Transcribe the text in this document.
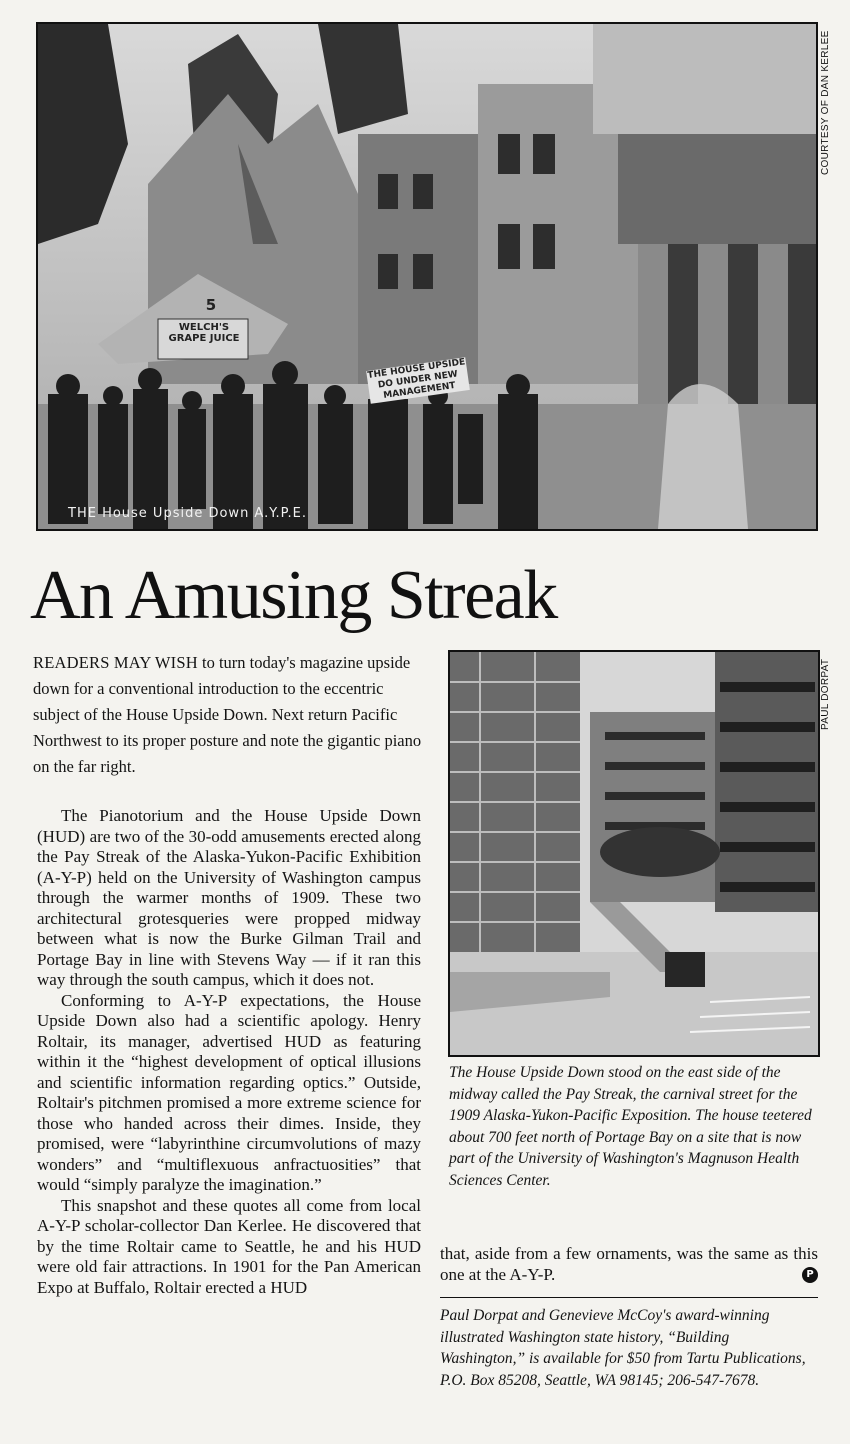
5
WELCH'S GRAPE JUICE
THE HOUSE UPSIDE DO UNDER NEW MANAGEMENT
THE House Upside Down A.Y.P.E.
COURTESY OF DAN KERLEE
An Amusing Streak

READERS MAY WISH to turn today's magazine upside down for a conventional introduction to the eccentric subject of the House Upside Down. Next return Pacific Northwest to its proper posture and note the gigantic piano on the far right.

The Pianotorium and the House Upside Down (HUD) are two of the 30-odd amusements erected along the Pay Streak of the Alaska-Yukon-Pacific Exhibition (A-Y-P) held on the University of Washington campus through the warmer months of 1909. These two architectural grotesqueries were propped midway between what is now the Burke Gilman Trail and Portage Bay in line with Stevens Way — if it ran this way through the south campus, which it does not.

Conforming to A-Y-P expectations, the House Upside Down also had a scientific apology. Henry Roltair, its manager, advertised HUD as featuring within it the “highest development of optical illusions and scientific information regarding optics.” Outside, Roltair's pitchmen promised a more extreme science for those who handed across their dimes. Inside, they promised, were “labyrinthine circumvolutions of mazy wonders” and “multiflexuous anfractuosities” that would “simply paralyze the imagination.”

This snapshot and these quotes all come from local A-Y-P scholar-collector Dan Kerlee. He discovered that by the time Roltair came to Seattle, he and his HUD were old fair attractions. In 1901 for the Pan American Expo at Buffalo, Roltair erected a HUD

PAUL DORPAT

The House Upside Down stood on the east side of the midway called the Pay Streak, the carnival street for the 1909 Alaska-Yukon-Pacific Exposition. The house teetered about 700 feet north of Portage Bay on a site that is now part of the University of Washington's Magnuson Health Sciences Center.

that, aside from a few ornaments, was the same as this one at the A-Y-P.	P

Paul Dorpat and Genevieve McCoy's award-winning illustrated Washington state history, “Building Washington,” is available for $50 from Tartu Publications, P.O. Box 85208, Seattle, WA 98145; 206-547-7678.
